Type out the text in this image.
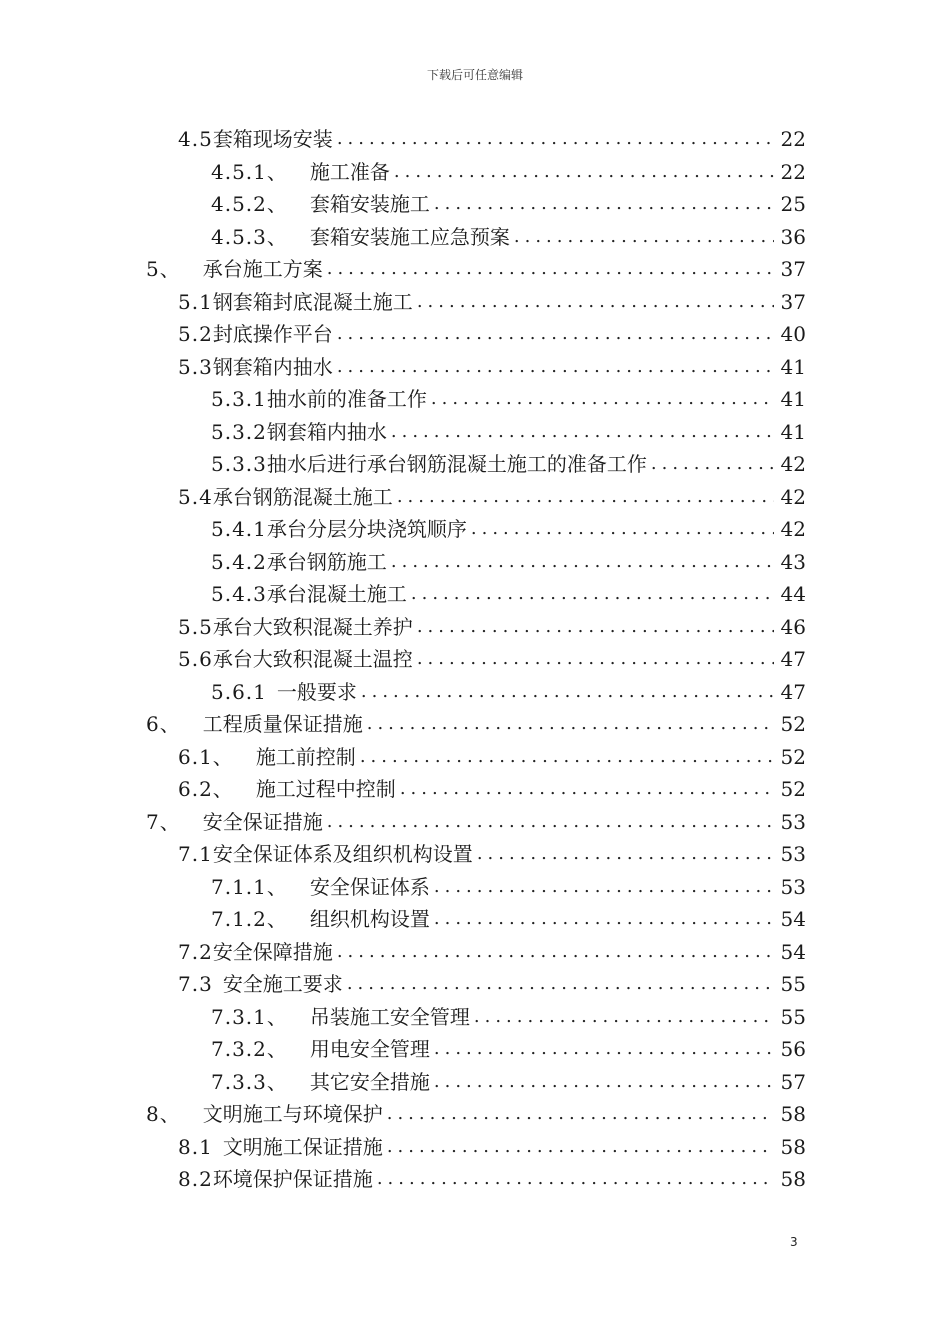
下载后可任意编辑
4.5 套箱现场安装 .....	22
4.5.1、 施工准备 .....	22
4.5.2、 套箱安装施工 .....	25
4.5.3、 套箱安装施工应急预案 .....	36
5、 承台施工方案 .....	37
5.1 钢套箱封底混凝土施工 .....	37
5.2 封底操作平台 .....	40
5.3 钢套箱内抽水 .....	41
5.3.1 抽水前的准备工作 .....	41
5.3.2 钢套箱内抽水 .....	41
5.3.3 抽水后进行承台钢筋混凝土施工的准备工作 .....	42
5.4 承台钢筋混凝土施工 .....	42
5.4.1 承台分层分块浇筑顺序 .....	42
5.4.2 承台钢筋施工 .....	43
5.4.3 承台混凝土施工 .....	44
5.5 承台大致积混凝土养护 .....	46
5.6 承台大致积混凝土温控 .....	47
5.6.1 一般要求 .....	47
6、 工程质量保证措施 .....	52
6.1、 施工前控制 .....	52
6.2、 施工过程中控制 .....	52
7、 安全保证措施 .....	53
7.1 安全保证体系及组织机构设置 .....	53
7.1.1、 安全保证体系 .....	53
7.1.2、 组织机构设置 .....	54
7.2 安全保障措施 .....	54
7.3 安全施工要求 .....	55
7.3.1、 吊装施工安全管理 .....	55
7.3.2、 用电安全管理 .....	56
7.3.3、 其它安全措施 .....	57
8、 文明施工与环境保护 .....	58
8.1 文明施工保证措施 .....	58
8.2 环境保护保证措施 .....	58
3
